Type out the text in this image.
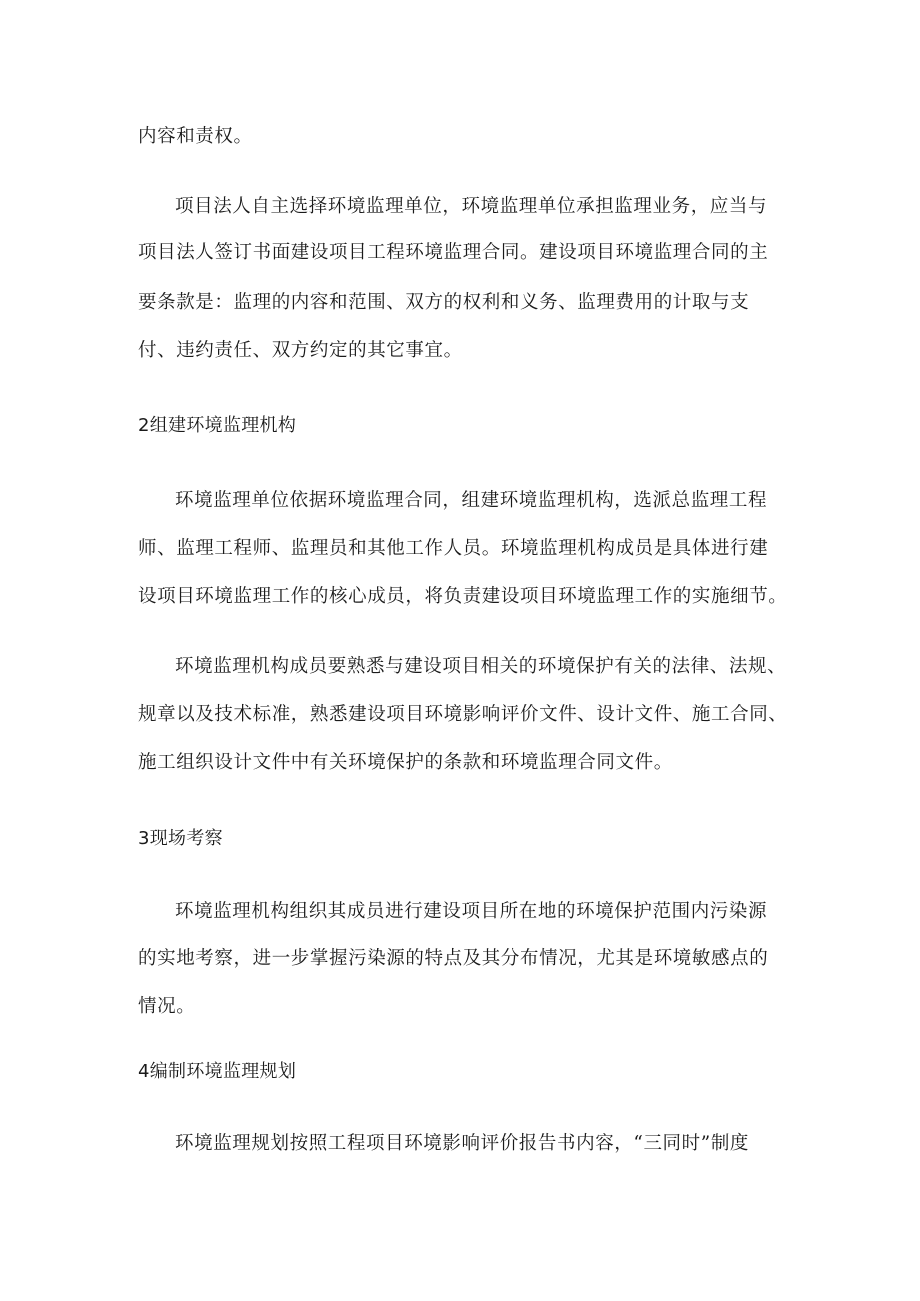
内容和责权。
项目法人自主选择环境监理单位，环境监理单位承担监理业务，应当与
项目法人签订书面建设项目工程环境监理合同。建设项目环境监理合同的主
要条款是：监理的内容和范围、双方的权利和义务、监理费用的计取与支
付、违约责任、双方约定的其它事宜。
2组建环境监理机构
环境监理单位依据环境监理合同，组建环境监理机构，选派总监理工程
师、监理工程师、监理员和其他工作人员。环境监理机构成员是具体进行建
设项目环境监理工作的核心成员，将负责建设项目环境监理工作的实施细节。
环境监理机构成员要熟悉与建设项目相关的环境保护有关的法律、法规、
规章以及技术标准，熟悉建设项目环境影响评价文件、设计文件、施工合同、
施工组织设计文件中有关环境保护的条款和环境监理合同文件。
3现场考察
环境监理机构组织其成员进行建设项目所在地的环境保护范围内污染源
的实地考察，进一步掌握污染源的特点及其分布情况，尤其是环境敏感点的
情况。
4编制环境监理规划
环境监理规划按照工程项目环境影响评价报告书内容，“三同时”制度
